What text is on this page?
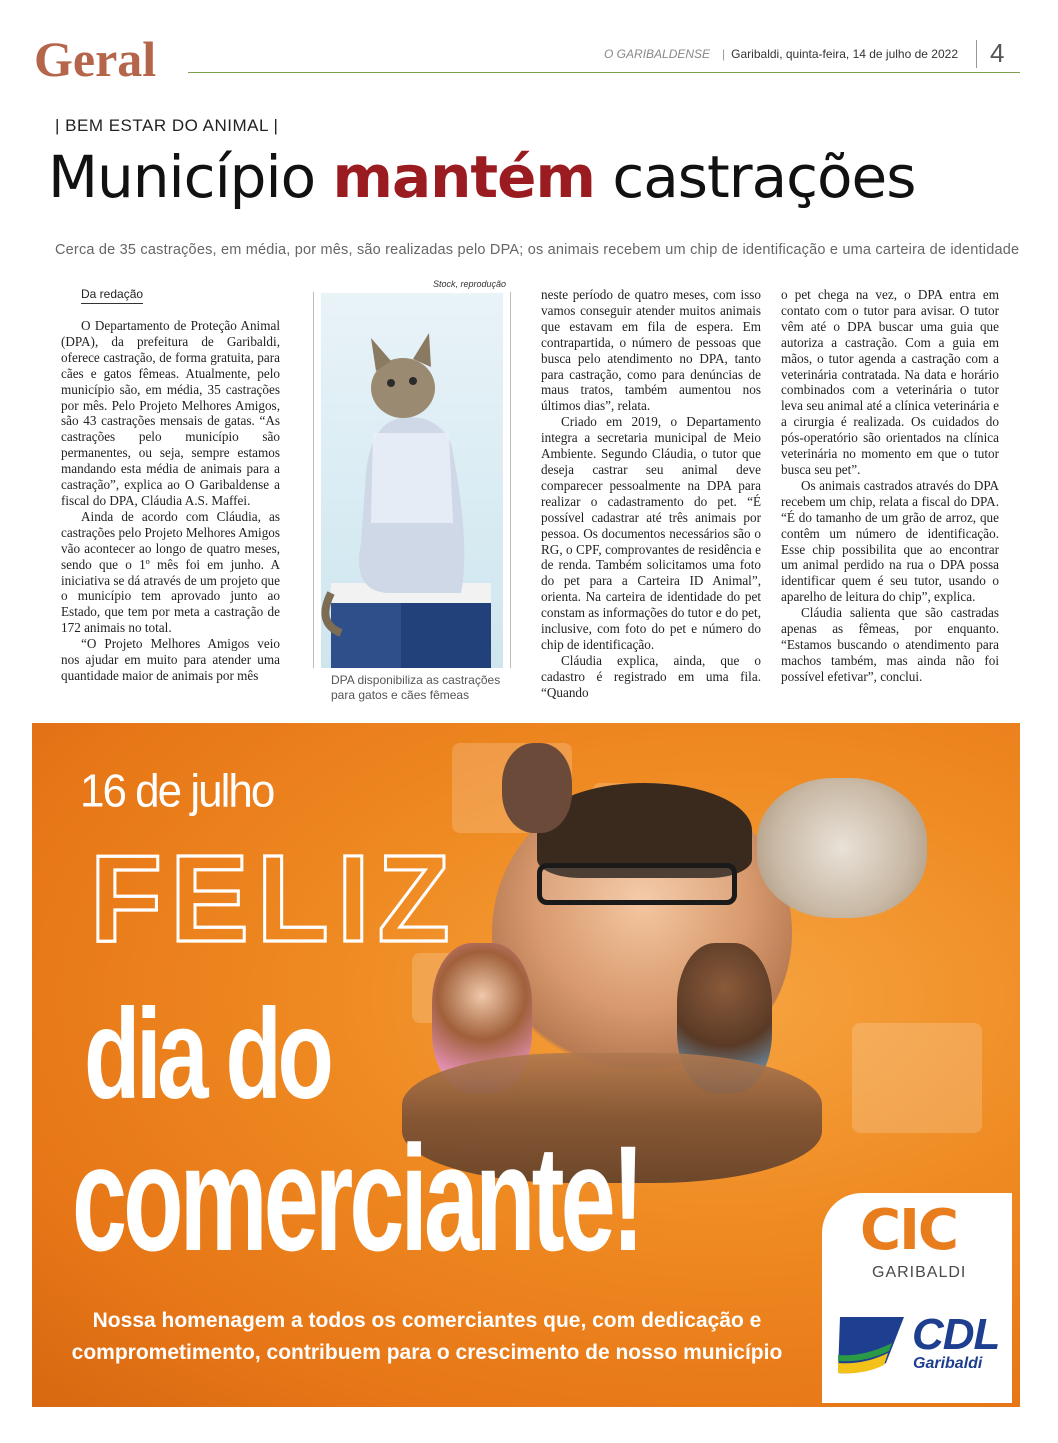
Geral	O GARIBALDENSE | Garibaldi, quinta-feira, 14 de julho de 2022 4
| BEM ESTAR DO ANIMAL |
Município mantém castrações
Cerca de 35 castrações, em média, por mês, são realizadas pelo DPA; os animais recebem um chip de identificação e uma carteira de identidade
Da redação

O Departamento de Proteção Animal (DPA), da prefeitura de Garibaldi, oferece castração, de forma gratuita, para cães e gatos fêmeas. Atualmente, pelo município são, em média, 35 castrações por mês. Pelo Projeto Melhores Amigos, são 43 castrações mensais de gatas. “As castrações pelo município são permanentes, ou seja, sempre estamos mandando esta média de animais para a castração”, explica ao O Garibaldense a fiscal do DPA, Cláudia A.S. Maffei.

Ainda de acordo com Cláudia, as castrações pelo Projeto Melhores Amigos vão acontecer ao longo de quatro meses, sendo que o 1º mês foi em junho. A iniciativa se dá através de um projeto que o município tem aprovado junto ao Estado, que tem por meta a castração de 172 animais no total.

“O Projeto Melhores Amigos veio nos ajudar em muito para atender uma quantidade maior de animais por mês

Stock, reprodução
DPA disponibiliza as castrações para gatos e cães fêmeas

neste período de quatro meses, com isso vamos conseguir atender muitos animais que estavam em fila de espera. Em contrapartida, o número de pessoas que busca pelo atendimento no DPA, tanto para castração, como para denúncias de maus tratos, também aumentou nos últimos dias”, relata.

Criado em 2019, o Departamento integra a secretaria municipal de Meio Ambiente. Segundo Cláudia, o tutor que deseja castrar seu animal deve comparecer pessoalmente na DPA para realizar o cadastramento do pet. “É possível cadastrar até três animais por pessoa. Os documentos necessários são o RG, o CPF, comprovantes de residência e de renda. Também solicitamos uma foto do pet para a Carteira ID Animal”, orienta. Na carteira de identidade do pet constam as informações do tutor e do pet, inclusive, com foto do pet e número do chip de identificação.

Cláudia explica, ainda, que o cadastro é registrado em uma fila. “Quando

o pet chega na vez, o DPA entra em contato com o tutor para avisar. O tutor vêm até o DPA buscar uma guia que autoriza a castração. Com a guia em mãos, o tutor agenda a castração com a veterinária contratada. Na data e horário combinados com a veterinária o tutor leva seu animal até a clínica veterinária e a cirurgia é realizada. Os cuidados do pós-operatório são orientados na clínica veterinária no momento em que o tutor busca seu pet”.

Os animais castrados através do DPA recebem um chip, relata a fiscal do DPA. “É do tamanho de um grão de arroz, que contêm um número de identificação. Esse chip possibilita que ao encontrar um animal perdido na rua o DPA possa identificar quem é seu tutor, usando o aparelho de leitura do chip”, explica.

Cláudia salienta que são castradas apenas as fêmeas, por enquanto. “Estamos buscando o atendimento para machos também, mas ainda não foi possível efetivar”, conclui.

16 de julho
FELIZ
dia do
comerciante!
Nossa homenagem a todos os comerciantes que, com dedicação e
comprometimento, contribuem para o crescimento de nosso município
CIC
GARIBALDI
CDL
Garibaldi
